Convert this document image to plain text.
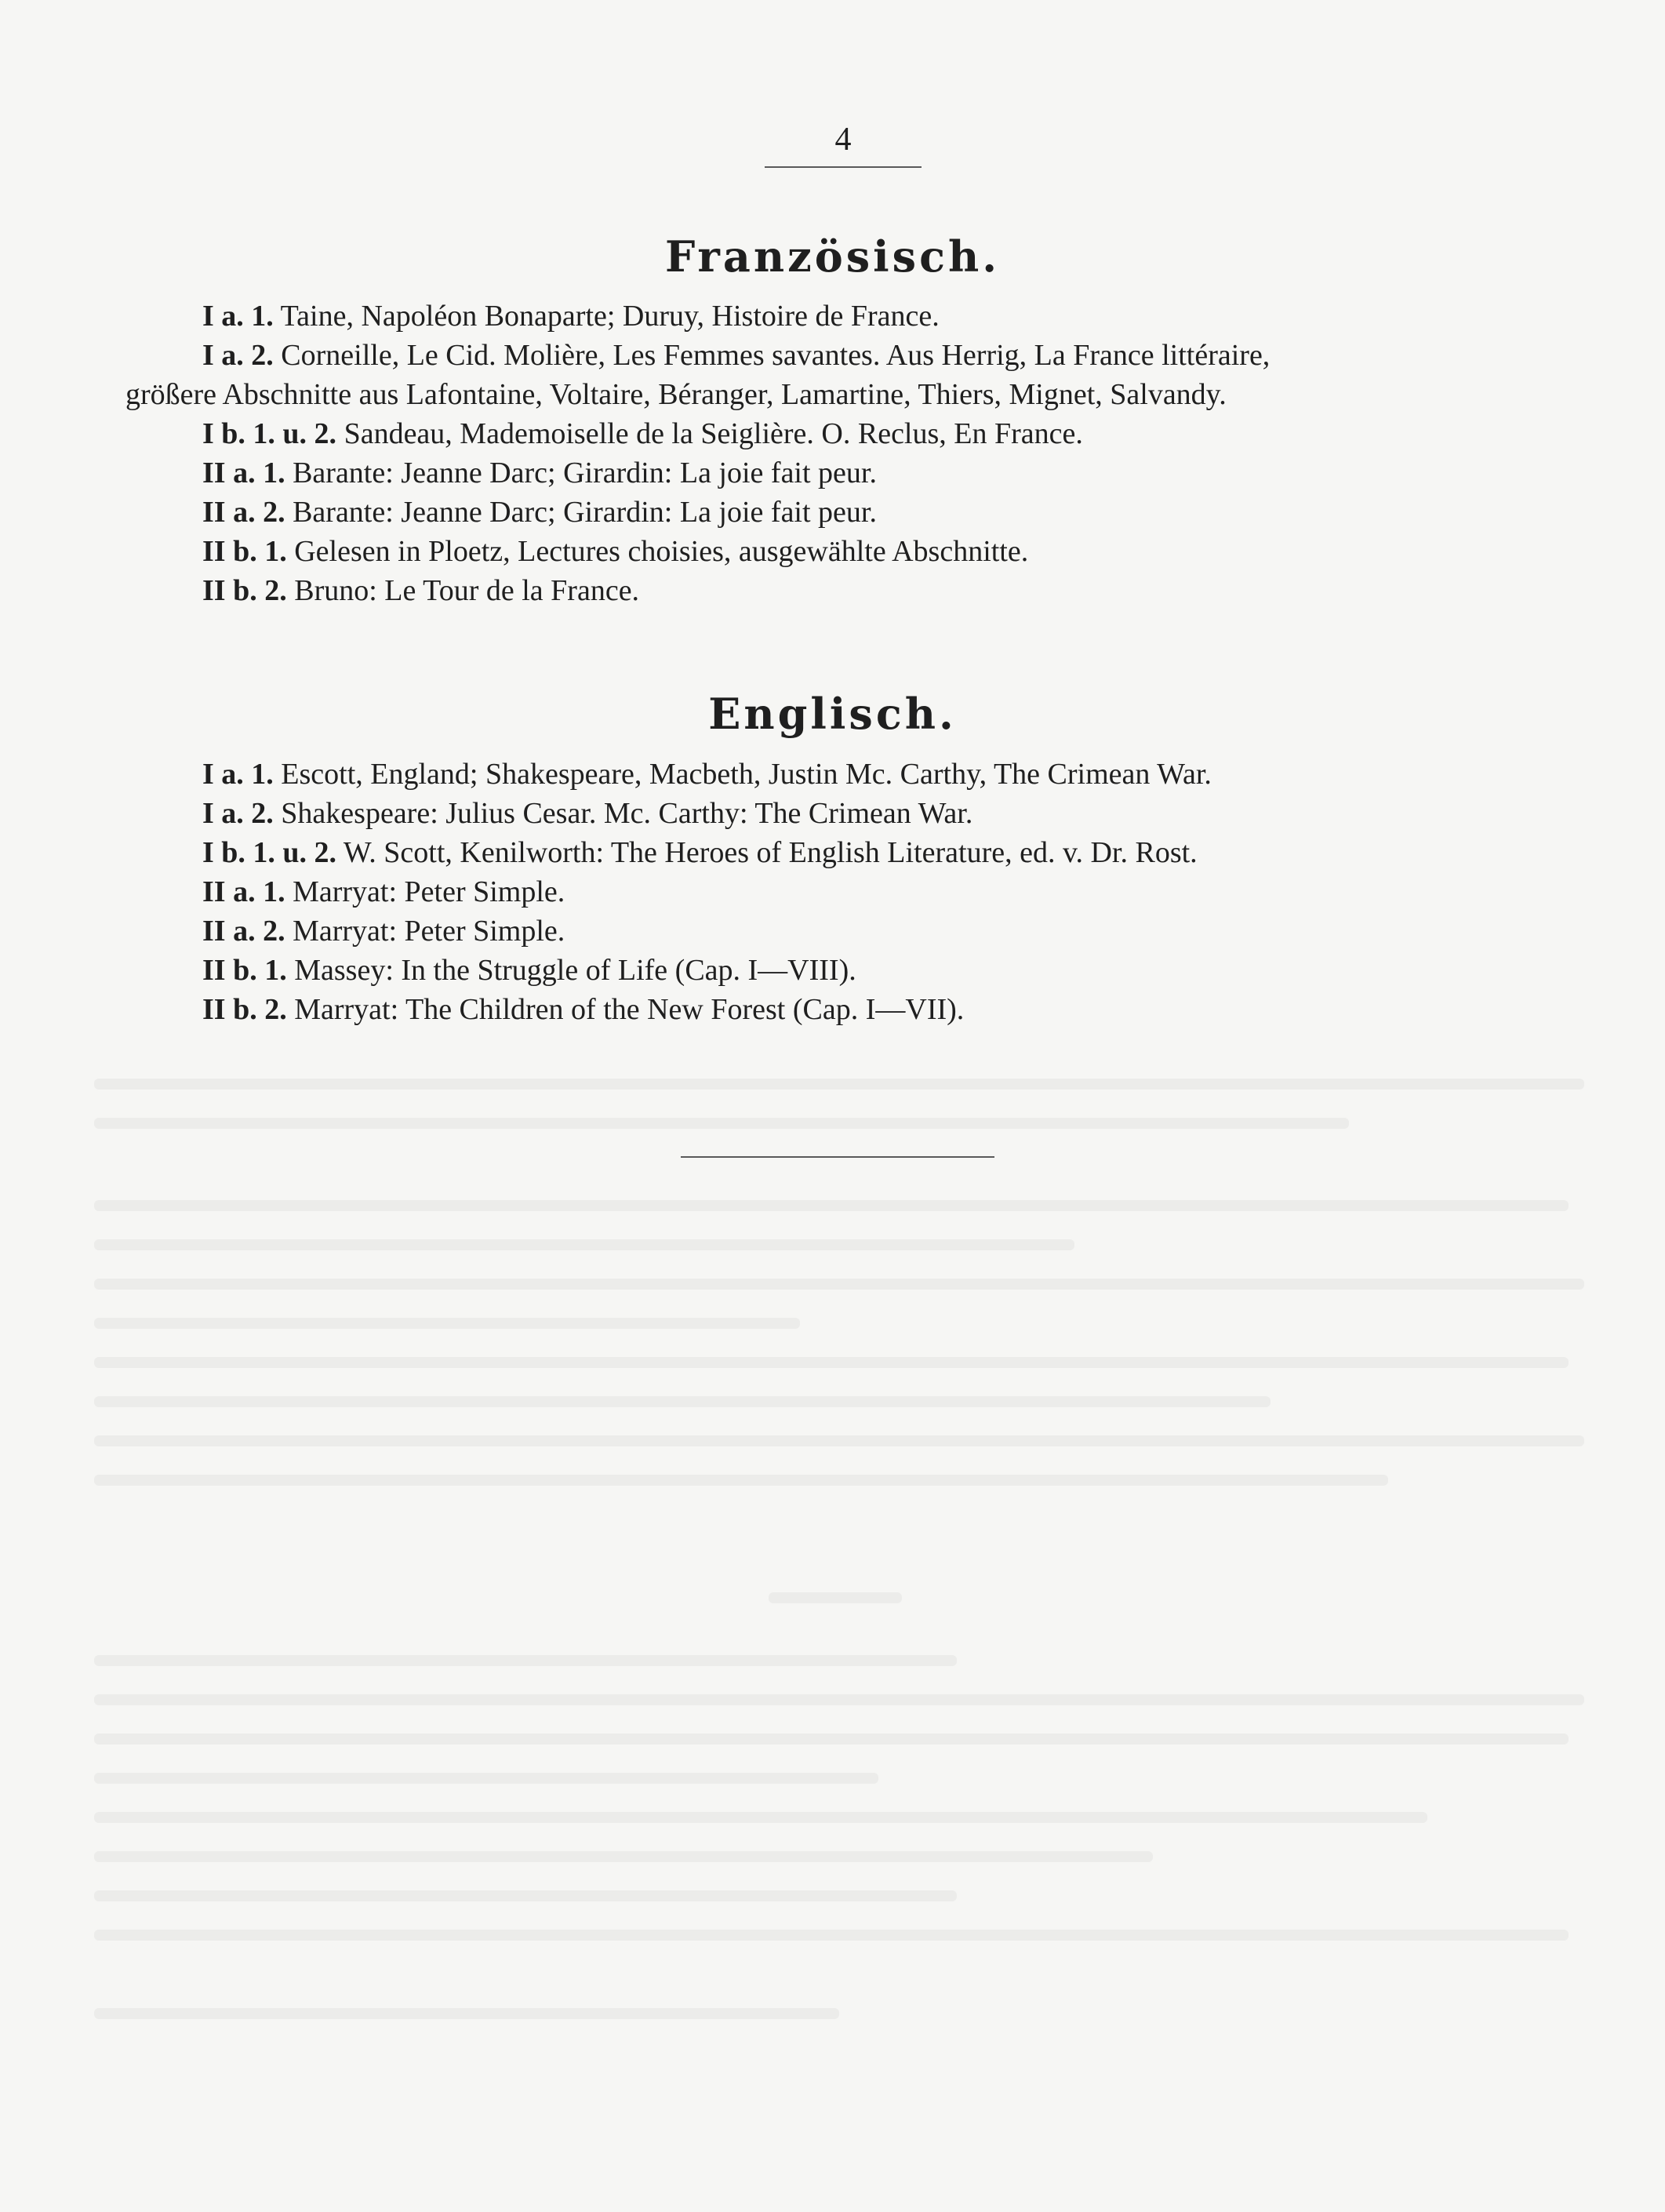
4
Französisch.
I a. 1. Taine, Napoléon Bonaparte; Duruy, Histoire de France.
I a. 2. Corneille, Le Cid. Molière, Les Femmes savantes. Aus Herrig, La France littéraire,
größere Abschnitte aus Lafontaine, Voltaire, Béranger, Lamartine, Thiers, Mignet, Salvandy.
I b. 1. u. 2. Sandeau, Mademoiselle de la Seiglière. O. Reclus, En France.
II a. 1. Barante: Jeanne Darc; Girardin: La joie fait peur.
II a. 2. Barante: Jeanne Darc; Girardin: La joie fait peur.
II b. 1. Gelesen in Ploetz, Lectures choisies, ausgewählte Abschnitte.
II b. 2. Bruno: Le Tour de la France.
Englisch.
I a. 1. Escott, England; Shakespeare, Macbeth, Justin Mc. Carthy, The Crimean War.
I a. 2. Shakespeare: Julius Cesar. Mc. Carthy: The Crimean War.
I b. 1. u. 2. W. Scott, Kenilworth: The Heroes of English Literature, ed. v. Dr. Rost.
II a. 1. Marryat: Peter Simple.
II a. 2. Marryat: Peter Simple.
II b. 1. Massey: In the Struggle of Life (Cap. I—VIII).
II b. 2. Marryat: The Children of the New Forest (Cap. I—VII).
